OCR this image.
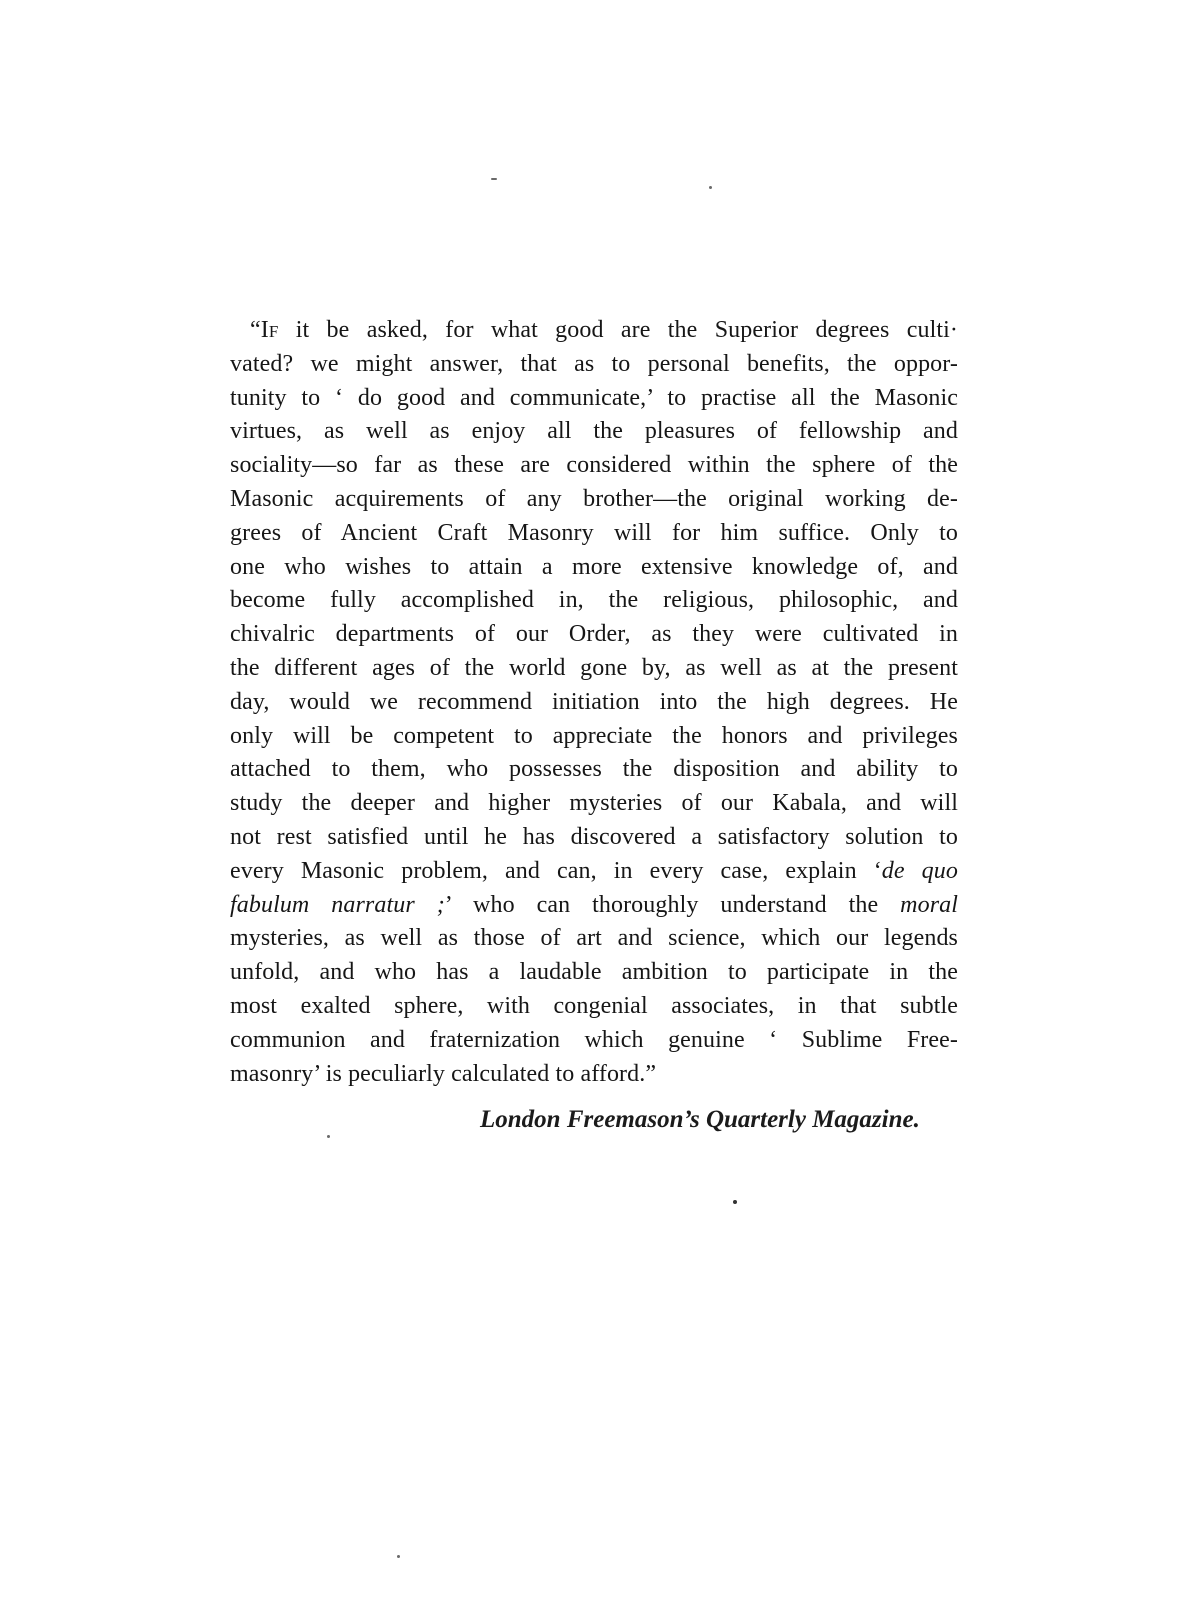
“If it be asked, for what good are the Superior degrees culti·
vated? we might answer, that as to personal benefits, the oppor-
tunity to ‘ do good and communicate,’ to practise all the Masonic
virtues, as well as enjoy all the pleasures of fellowship and
sociality—so far as these are considered within the sphere of the
Masonic acquirements of any brother—the original working de-
grees of Ancient Craft Masonry will for him suffice. Only to
one who wishes to attain a more extensive knowledge of, and
become fully accomplished in, the religious, philosophic, and
chivalric departments of our Order, as they were cultivated in
the different ages of the world gone by, as well as at the present
day, would we recommend initiation into the high degrees. He
only will be competent to appreciate the honors and privileges
attached to them, who possesses the disposition and ability to
study the deeper and higher mysteries of our Kabala, and will
not rest satisfied until he has discovered a satisfactory solution to
every Masonic problem, and can, in every case, explain ‘de quo
fabulum narratur ;’ who can thoroughly understand the moral
mysteries, as well as those of art and science, which our legends
unfold, and who has a laudable ambition to participate in the
most exalted sphere, with congenial associates, in that subtle
communion and fraternization which genuine ‘ Sublime Free-
masonry’ is peculiarly calculated to afford.”
London Freemason’s Quarterly Magazine.
